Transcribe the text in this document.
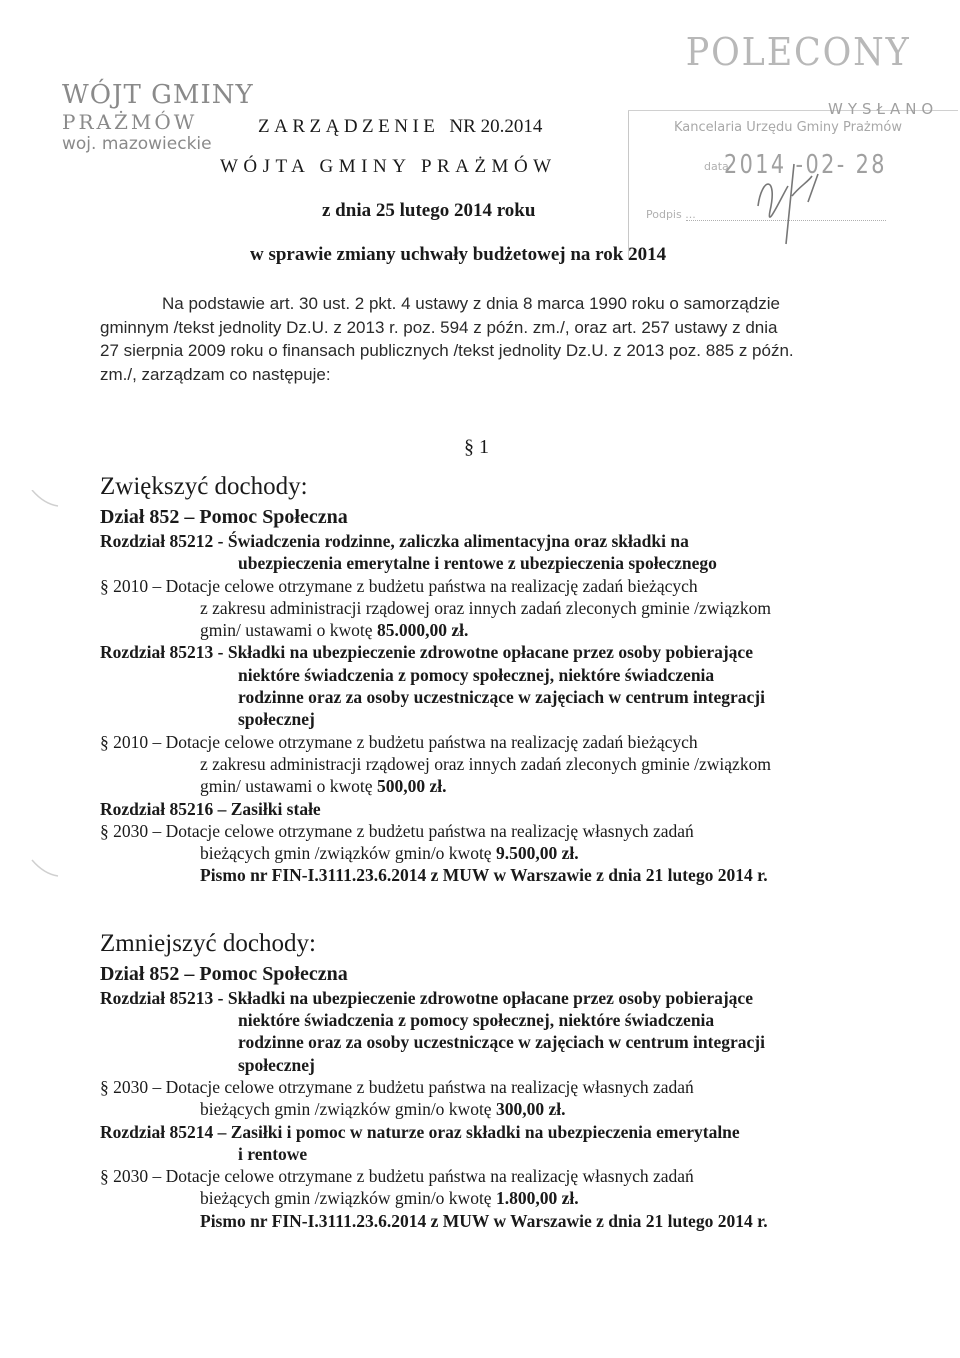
POLECONY
WÓJT GMINY
PRAŻMÓW
woj. mazowieckie
WYSŁANO
Kancelaria Urzędu Gminy Prażmów
data
2014 -02- 28
Podpis ...
ZARZĄDZENIE NR 20.2014
WÓJTA GMINY PRAŻMÓW
z dnia 25 lutego 2014 roku
w sprawie zmiany uchwały budżetowej na rok 2014
Na podstawie art. 30 ust. 2 pkt. 4 ustawy z dnia 8 marca 1990 roku o samorządzie
gminnym /tekst jednolity Dz.U. z 2013 r. poz. 594 z późn. zm./, oraz art. 257 ustawy z dnia
27 sierpnia 2009 roku o finansach publicznych /tekst jednolity Dz.U. z 2013 poz. 885 z późn.
zm./, zarządzam co następuje:
§ 1
Zwiększyć dochody:
Dział 852 – Pomoc Społeczna
Rozdział 85212 - Świadczenia rodzinne, zaliczka alimentacyjna oraz składki na
ubezpieczenia emerytalne i rentowe z ubezpieczenia społecznego
§ 2010 – Dotacje celowe otrzymane z budżetu państwa na realizację zadań bieżących
z zakresu administracji rządowej oraz innych zadań zleconych gminie /związkom
gmin/ ustawami o kwotę 85.000,00 zł.
Rozdział 85213 - Składki na ubezpieczenie zdrowotne opłacane przez osoby pobierające
niektóre świadczenia z pomocy społecznej, niektóre świadczenia
rodzinne oraz za osoby uczestniczące w zajęciach w centrum integracji
społecznej
§ 2010 – Dotacje celowe otrzymane z budżetu państwa na realizację zadań bieżących
z zakresu administracji rządowej oraz innych zadań zleconych gminie /związkom
gmin/ ustawami o kwotę 500,00 zł.
Rozdział 85216 – Zasiłki stałe
§ 2030 – Dotacje celowe otrzymane z budżetu państwa na realizację własnych zadań
bieżących gmin /związków gmin/o kwotę 9.500,00 zł.
Pismo nr FIN-I.3111.23.6.2014 z MUW w Warszawie z dnia 21 lutego 2014 r.
Zmniejszyć dochody:
Dział 852 – Pomoc Społeczna
Rozdział 85213 - Składki na ubezpieczenie zdrowotne opłacane przez osoby pobierające
niektóre świadczenia z pomocy społecznej, niektóre świadczenia
rodzinne oraz za osoby uczestniczące w zajęciach w centrum integracji
społecznej
§ 2030 – Dotacje celowe otrzymane z budżetu państwa na realizację własnych zadań
bieżących gmin /związków gmin/o kwotę 300,00 zł.
Rozdział 85214 – Zasiłki i pomoc w naturze oraz składki na ubezpieczenia emerytalne
i rentowe
§ 2030 – Dotacje celowe otrzymane z budżetu państwa na realizację własnych zadań
bieżących gmin /związków gmin/o kwotę 1.800,00 zł.
Pismo nr FIN-I.3111.23.6.2014 z MUW w Warszawie z dnia 21 lutego 2014 r.
